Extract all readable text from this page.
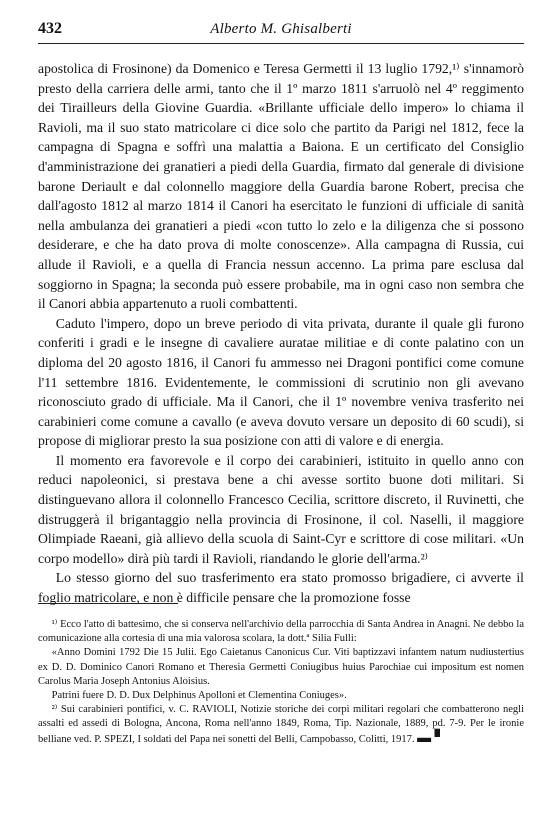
432	Alberto M. Ghisalberti

apostolica di Frosinone) da Domenico e Teresa Germetti il 13 luglio 1792,¹⁾ s'innamorò presto della carriera delle armi, tanto che il 1º marzo 1811 s'arruolò nel 4º reggimento dei Tirailleurs della Giovine Guardia. «Brillante ufficiale dello impero» lo chiama il Ravioli, ma il suo stato matricolare ci dice solo che partito da Parigi nel 1812, fece la campagna di Spagna e soffrì una malattia a Baiona. E un certificato del Consiglio d'amministrazione dei granatieri a piedi della Guardia, firmato dal generale di divisione barone Deriault e dal colonnello maggiore della Guardia barone Robert, precisa che dall'agosto 1812 al marzo 1814 il Canori ha esercitato le funzioni di ufficiale di sanità nella ambulanza dei granatieri a piedi «con tutto lo zelo e la diligenza che si possono desiderare, e che ha dato prova di molte conoscenze». Alla campagna di Russia, cui allude il Ravioli, e a quella di Francia nessun accenno. La prima pare esclusa dal soggiorno in Spagna; la seconda può essere probabile, ma in ogni caso non sembra che il Canori abbia appartenuto a ruoli combattenti.

Caduto l'impero, dopo un breve periodo di vita privata, durante il quale gli furono conferiti i gradi e le insegne di cavaliere auratae militiae e di conte palatino con un diploma del 20 agosto 1816, il Canori fu ammesso nei Dragoni pontifici come comune l'11 settembre 1816. Evidentemente, le commissioni di scrutinio non gli avevano riconosciuto grado di ufficiale. Ma il Canori, che il 1º novembre veniva trasferito nei carabinieri come comune a cavallo (e aveva dovuto versare un deposito di 60 scudi), si propose di migliorar presto la sua posizione con atti di valore e di energia.

Il momento era favorevole e il corpo dei carabinieri, istituito in quello anno con reduci napoleonici, si prestava bene a chi avesse sortito buone doti militari. Si distinguevano allora il colonnello Francesco Cecilia, scrittore discreto, il Ruvinetti, che distruggerà il brigantaggio nella provincia di Frosinone, il col. Naselli, il maggiore Olimpiade Raeani, già allievo della scuola di Saint-Cyr e scrittore di cose militari. «Un corpo modello» dirà più tardi il Ravioli, riandando le glorie dell'arma.²⁾

Lo stesso giorno del suo trasferimento era stato promosso brigadiere, ci avverte il foglio matricolare, e non è difficile pensare che la promozione fosse

¹⁾ Ecco l'atto di battesimo, che si conserva nell'archivio della parrocchia di Santa Andrea in Anagni. Ne debbo la comunicazione alla cortesia di una mia valorosa scolara, la dott.ª Silia Fulli:

«Anno Domini 1792 Die 15 Julii. Ego Caietanus Canonicus Cur. Viti baptizzavi infantem natum nudiustertius ex D. D. Dominico Canori Romano et Theresia Germetti Coniugibus huius Parochiae cui impositum est nomen Carolus Maria Joseph Antonius Aloisius.

Patrini fuere D. D. Dux Delphinus Apolloni et Clementina Coniuges».

²⁾ Sui carabinieri pontifici, v. C. RAVIOLI, Notizie storiche dei corpi militari regolari che combatterono negli assalti ed assedi di Bologna, Ancona, Roma nell'anno 1849, Roma, Tip. Nazionale, 1889, pd. 7-9. Per le ironie belliane ved. P. SPEZI, I soldati del Papa nei sonetti del Belli, Campobasso, Colitti, 1917. ▬ ▘
